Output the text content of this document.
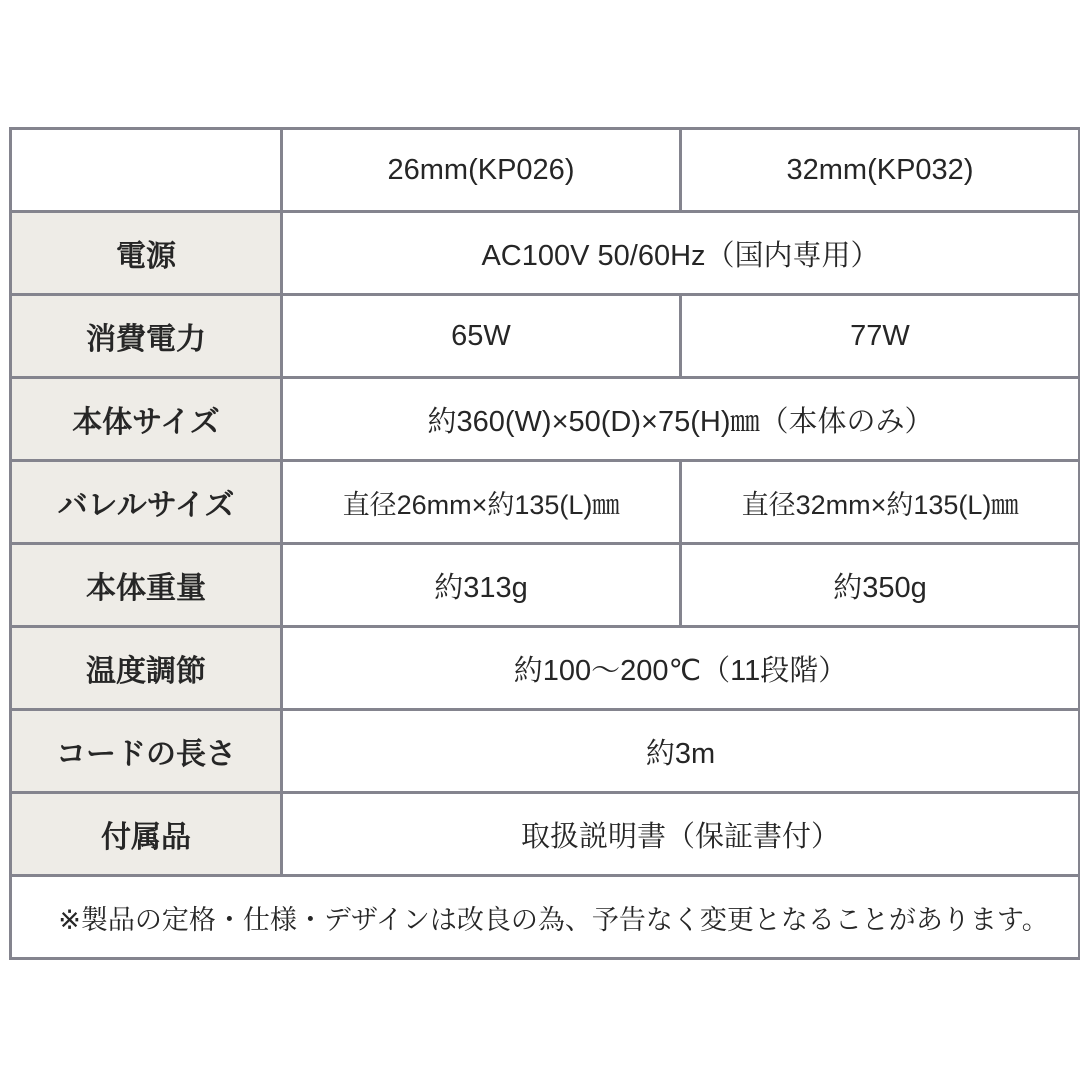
	26mm(KP026)	32mm(KP032)
電源	AC100V 50/60Hz（国内専用）	
消費電力	65W	77W
本体サイズ	約360(W)×50(D)×75(H)㎜（本体のみ）	
バレルサイズ	直径26mm×約135(L)㎜	直径32mm×約135(L)㎜
本体重量	約313g	約350g
温度調節	約100〜200℃（11段階）	
コードの長さ	約3m	
付属品	取扱説明書（保証書付）	
※製品の定格・仕様・デザインは改良の為、予告なく変更となることがあります。		
